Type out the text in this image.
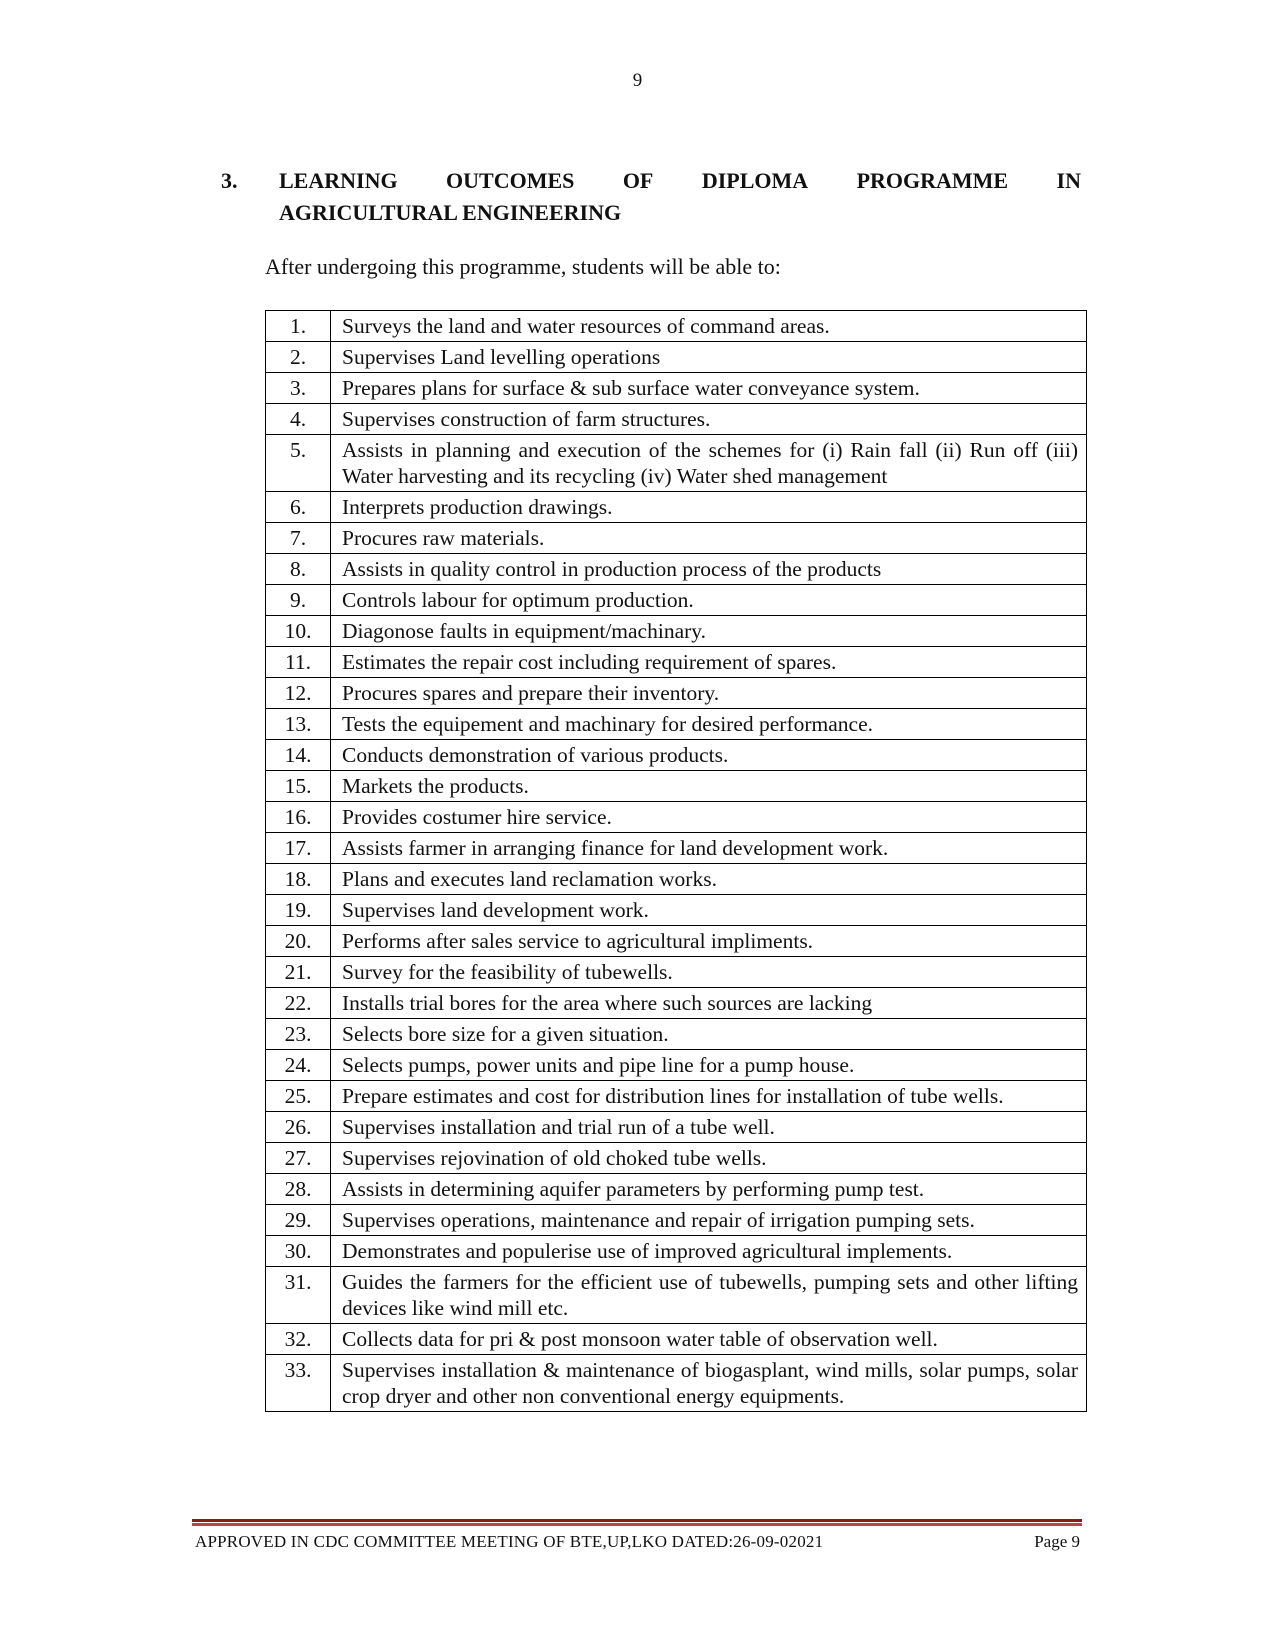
9
3. LEARNING OUTCOMES OF DIPLOMA PROGRAMME IN
AGRICULTURAL ENGINEERING
After undergoing this programme, students will be able to:
1.	Surveys the land and water resources of command areas.
2.	Supervises Land levelling operations
3.	Prepares plans for surface & sub surface water conveyance system.
4.	Supervises construction of farm structures.
5.	Assists in planning and execution of the schemes for (i) Rain fall (ii) Run off (iii) Water harvesting and its recycling (iv) Water shed management
6.	Interprets production drawings.
7.	Procures raw materials.
8.	Assists in quality control in production process of the products
9.	Controls labour for optimum production.
10.	Diagonose faults in equipment/machinary.
11.	Estimates the repair cost including requirement of spares.
12.	Procures spares and prepare their inventory.
13.	Tests the equipement and machinary for desired performance.
14.	Conducts demonstration of various products.
15.	Markets the products.
16.	Provides costumer hire service.
17.	Assists farmer in arranging finance for land development work.
18.	Plans and executes land reclamation works.
19.	Supervises land development work.
20.	Performs after sales service to agricultural impliments.
21.	Survey for the feasibility of tubewells.
22.	Installs trial bores for the area where such sources are lacking
23.	Selects bore size for a given situation.
24.	Selects pumps, power units and pipe line for a pump house.
25.	Prepare estimates and cost for distribution lines for installation of tube wells.
26.	Supervises installation and trial run of a tube well.
27.	Supervises rejovination of old choked tube wells.
28.	Assists in determining aquifer parameters by performing pump test.
29.	Supervises operations, maintenance and repair of irrigation pumping sets.
30.	Demonstrates and populerise use of improved agricultural implements.
31.	Guides the farmers for the efficient use of tubewells, pumping sets and other lifting devices like wind mill etc.
32.	Collects data for pri & post monsoon water table of observation well.
33.	Supervises installation & maintenance of biogasplant, wind mills, solar pumps, solar crop dryer and other non conventional energy equipments.
APPROVED IN CDC COMMITTEE MEETING OF BTE,UP,LKO DATED:26-09-02021	Page 9
